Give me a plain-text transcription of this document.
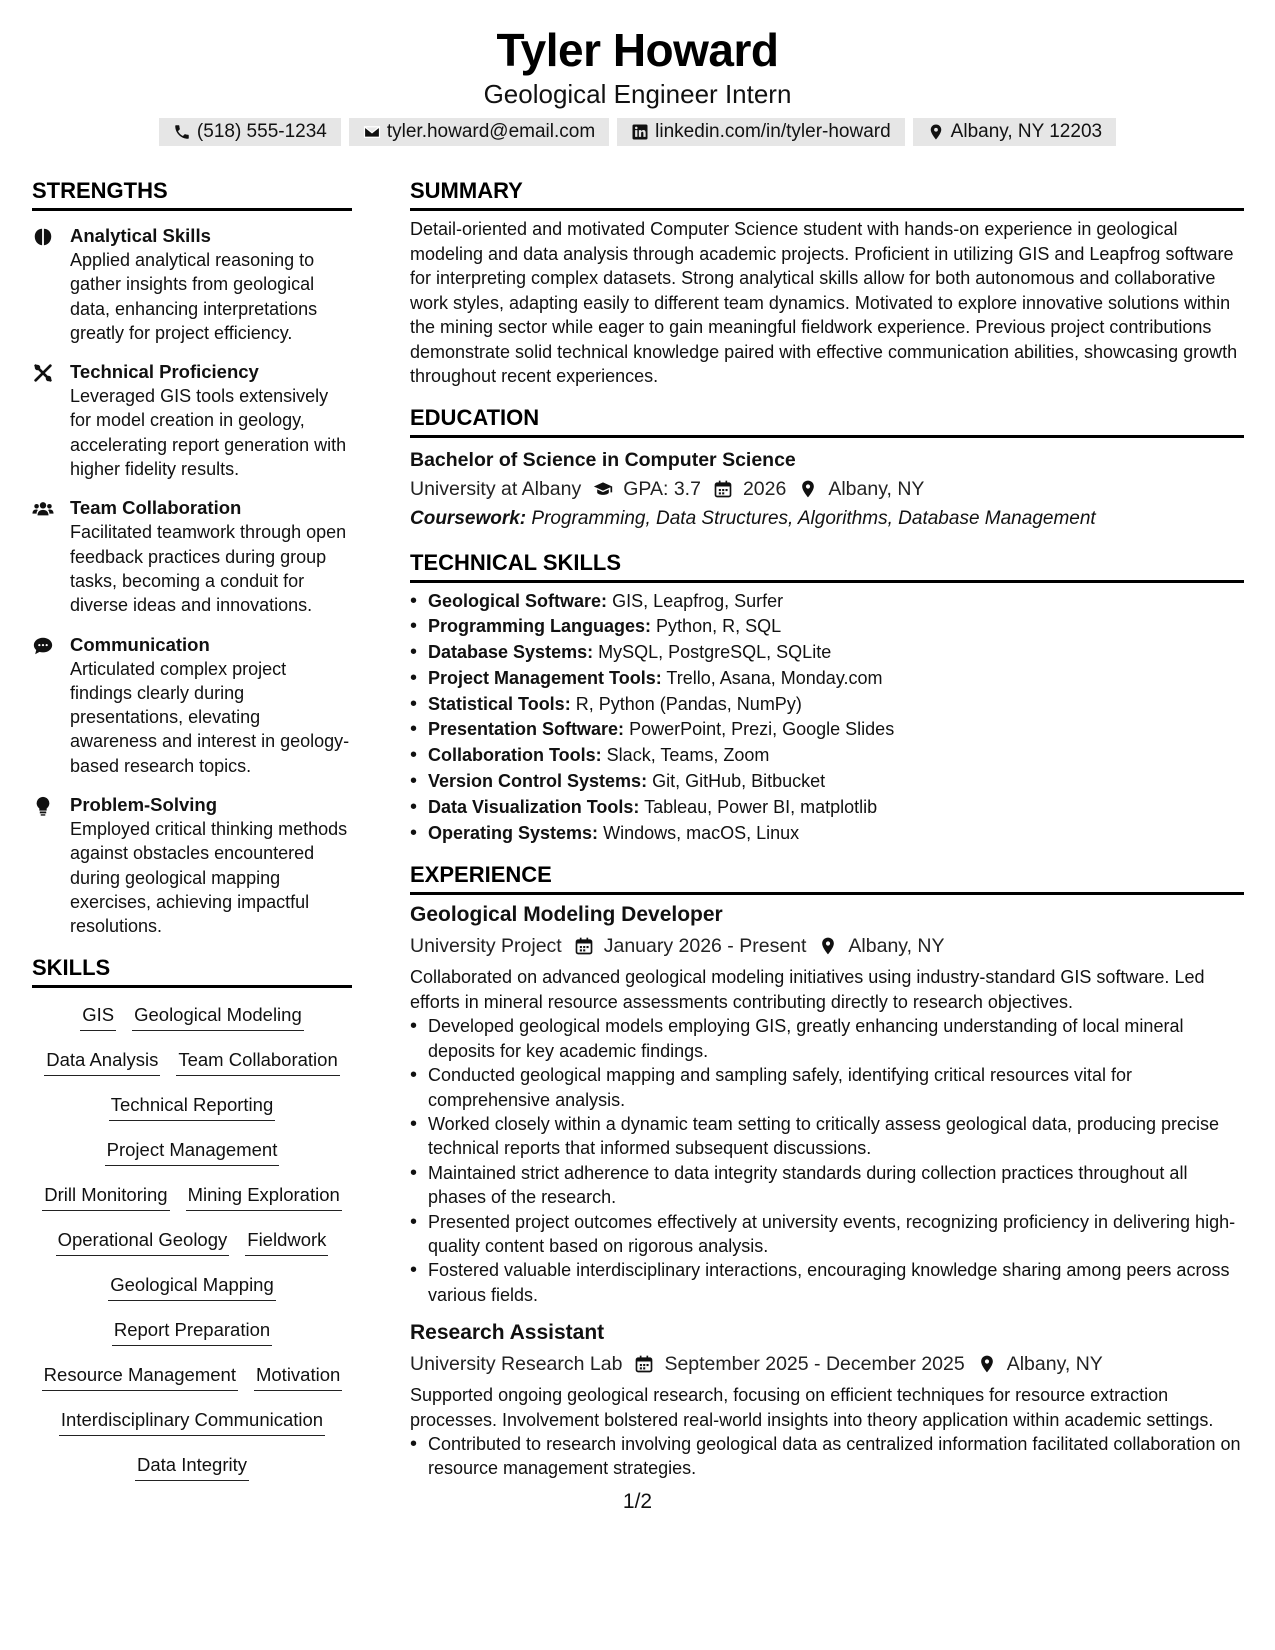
Tyler Howard
Geological Engineer Intern
(518) 555-1234	tyler.howard@email.com	linkedin.com/in/tyler-howard	Albany, NY 12203
STRENGTHS
Analytical Skills
Applied analytical reasoning to gather insights from geological data, enhancing interpretations greatly for project efficiency.
Technical Proficiency
Leveraged GIS tools extensively for model creation in geology, accelerating report generation with higher fidelity results.
Team Collaboration
Facilitated teamwork through open feedback practices during group tasks, becoming a conduit for diverse ideas and innovations.
Communication
Articulated complex project findings clearly during presentations, elevating awareness and interest in geology-based research topics.
Problem-Solving
Employed critical thinking methods against obstacles encountered during geological mapping exercises, achieving impactful resolutions.
SKILLS
GIS Geological Modeling
Data Analysis Team Collaboration
Technical Reporting
Project Management
Drill Monitoring Mining Exploration
Operational Geology Fieldwork
Geological Mapping
Report Preparation
Resource Management Motivation
Interdisciplinary Communication
Data Integrity
SUMMARY
Detail-oriented and motivated Computer Science student with hands-on experience in geological modeling and data analysis through academic projects. Proficient in utilizing GIS and Leapfrog software for interpreting complex datasets. Strong analytical skills allow for both autonomous and collaborative work styles, adapting easily to different team dynamics. Motivated to explore innovative solutions within the mining sector while eager to gain meaningful fieldwork experience. Previous project contributions demonstrate solid technical knowledge paired with effective communication abilities, showcasing growth throughout recent experiences.
EDUCATION
Bachelor of Science in Computer Science
University at Albany GPA: 3.7 2026 Albany, NY
Coursework: Programming, Data Structures, Algorithms, Database Management
TECHNICAL SKILLS
• Geological Software: GIS, Leapfrog, Surfer
• Programming Languages: Python, R, SQL
• Database Systems: MySQL, PostgreSQL, SQLite
• Project Management Tools: Trello, Asana, Monday.com
• Statistical Tools: R, Python (Pandas, NumPy)
• Presentation Software: PowerPoint, Prezi, Google Slides
• Collaboration Tools: Slack, Teams, Zoom
• Version Control Systems: Git, GitHub, Bitbucket
• Data Visualization Tools: Tableau, Power BI, matplotlib
• Operating Systems: Windows, macOS, Linux
EXPERIENCE
Geological Modeling Developer
University Project January 2026 - Present Albany, NY
Collaborated on advanced geological modeling initiatives using industry-standard GIS software. Led efforts in mineral resource assessments contributing directly to research objectives.
• Developed geological models employing GIS, greatly enhancing understanding of local mineral deposits for key academic findings.
• Conducted geological mapping and sampling safely, identifying critical resources vital for comprehensive analysis.
• Worked closely within a dynamic team setting to critically assess geological data, producing precise technical reports that informed subsequent discussions.
• Maintained strict adherence to data integrity standards during collection practices throughout all phases of the research.
• Presented project outcomes effectively at university events, recognizing proficiency in delivering high-quality content based on rigorous analysis.
• Fostered valuable interdisciplinary interactions, encouraging knowledge sharing among peers across various fields.
Research Assistant
University Research Lab September 2025 - December 2025 Albany, NY
Supported ongoing geological research, focusing on efficient techniques for resource extraction processes. Involvement bolstered real-world insights into theory application within academic settings.
• Contributed to research involving geological data as centralized information facilitated collaboration on resource management strategies.
1/2
